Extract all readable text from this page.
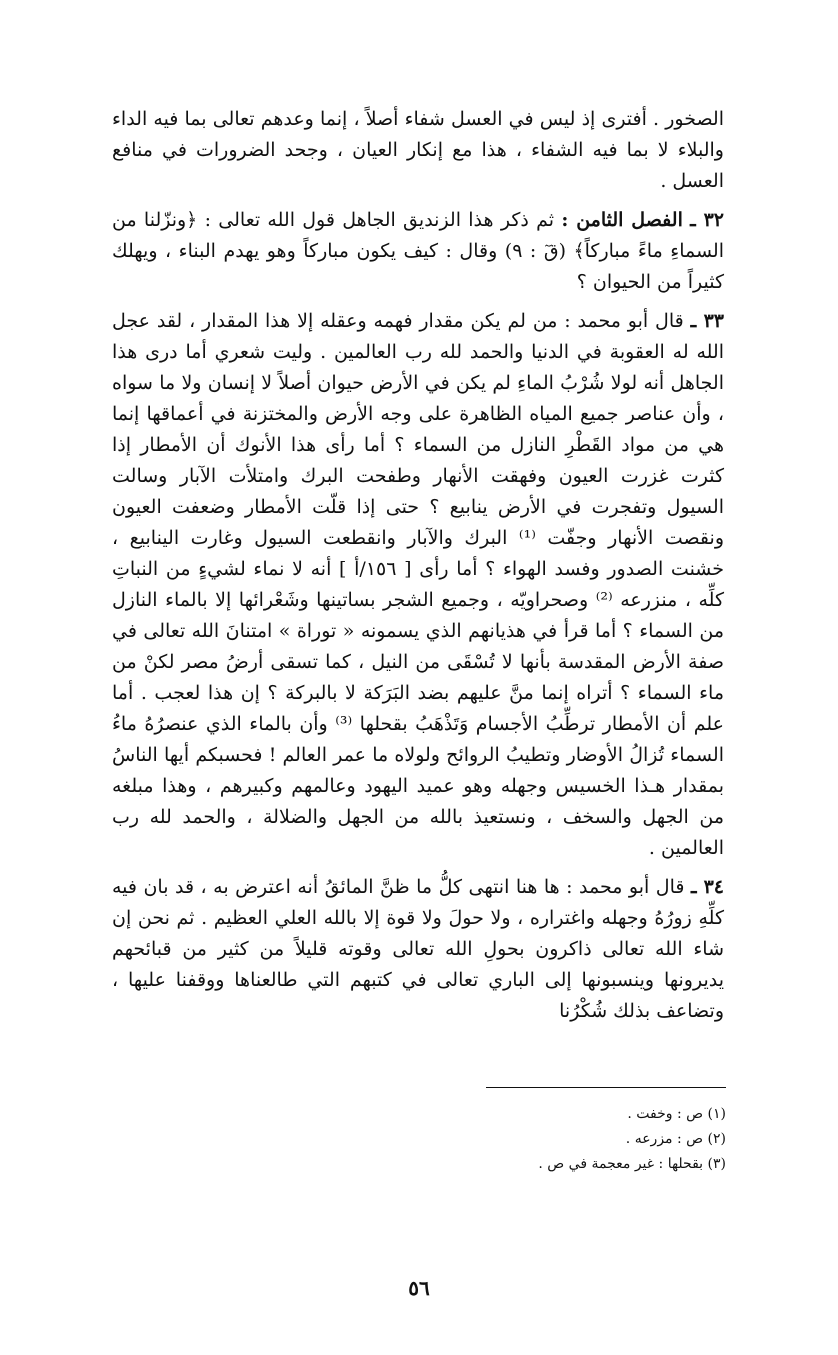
الصخور . أفترى إذ ليس في العسل شفاء أصلاً ، إنما وعدهم تعالى بما فيه الداء والبلاء لا بما فيه الشفاء ، هذا مع إنكار العيان ، وجحد الضرورات في منافع العسل .

٣٢ ـ الفصل الثامن : ثم ذكر هذا الزنديق الجاهل قول الله تعالى : ﴿ونزّلنا من السماءِ ماءً مباركاً﴾ (قٓ : ٩) وقال : كيف يكون مباركاً وهو يهدم البناء ، ويهلك كثيراً من الحيوان ؟

٣٣ ـ قال أبو محمد : من لم يكن مقدار فهمه وعقله إلا هذا المقدار ، لقد عجل الله له العقوبة في الدنيا والحمد لله رب العالمين . وليت شعري أما درى هذا الجاهل أنه لولا شُرْبُ الماءِ لم يكن في الأرض حيوان أصلاً لا إنسان ولا ما سواه ، وأن عناصر جميع المياه الظاهرة على وجه الأرض والمختزنة في أعماقها إنما هي من مواد القَطْرِ النازل من السماء ؟ أما رأى هذا الأنوك أن الأمطار إذا كثرت غزرت العيون وفهقت الأنهار وطفحت البرك وامتلأت الآبار وسالت السيول وتفجرت في الأرض ينابيع ؟ حتى إذا قلّت الأمطار وضعفت العيون ونقصت الأنهار وجفّت ⁽¹⁾ البرك والآبار وانقطعت السيول وغارت الينابيع ، خشنت الصدور وفسد الهواء ؟ أما رأى [ ١٥٦/أ ] أنه لا نماء لشيءٍ من النباتِ كلِّه ، منزرعه ⁽²⁾ وصحراويّه ، وجميع الشجر بساتينها وشَعْرائها إلا بالماء النازل من السماء ؟ أما قرأ في هذيانهم الذي يسمونه « توراة » امتنانَ الله تعالى في صفة الأرض المقدسة بأنها لا تُسْقَى من النيل ، كما تسقى أرضُ مصر لكنْ من ماء السماء ؟ أتراه إنما منَّ عليهم بضد البَرَكة لا بالبركة ؟ إن هذا لعجب . أما علم أن الأمطار ترطِّبُ الأجسام وَتَذْهَبُ بقحلها ⁽³⁾ وأن بالماء الذي عنصرُهُ ماءُ السماء تُزالُ الأوضار وتطيبُ الروائح ولولاه ما عمر العالم ! فحسبكم أيها الناسُ بمقدار هـذا الخسيس وجهله وهو عميد اليهود وعالمهم وكبيرهم ، وهذا مبلغه من الجهل والسخف ، ونستعيذ بالله من الجهل والضلالة ، والحمد لله رب العالمين .

٣٤ ـ قال أبو محمد : ها هنا انتهى كلُّ ما ظنَّ المائقُ أنه اعترض به ، قد بان فيه كلِّهِ زورُهُ وجهله واغتراره ، ولا حولَ ولا قوة إلا بالله العلي العظيم . ثم نحن إن شاء الله تعالى ذاكرون بحولِ الله تعالى وقوته قليلاً من كثير من قبائحهم يديرونها وينسبونها إلى الباري تعالى في كتبهم التي طالعناها ووقفنا عليها ، وتضاعف بذلك شُكْرُنا

(١) ص : وخفت .

(٢) ص : مزرعه .

(٣) بقحلها : غير معجمة في ص .

٥٦
